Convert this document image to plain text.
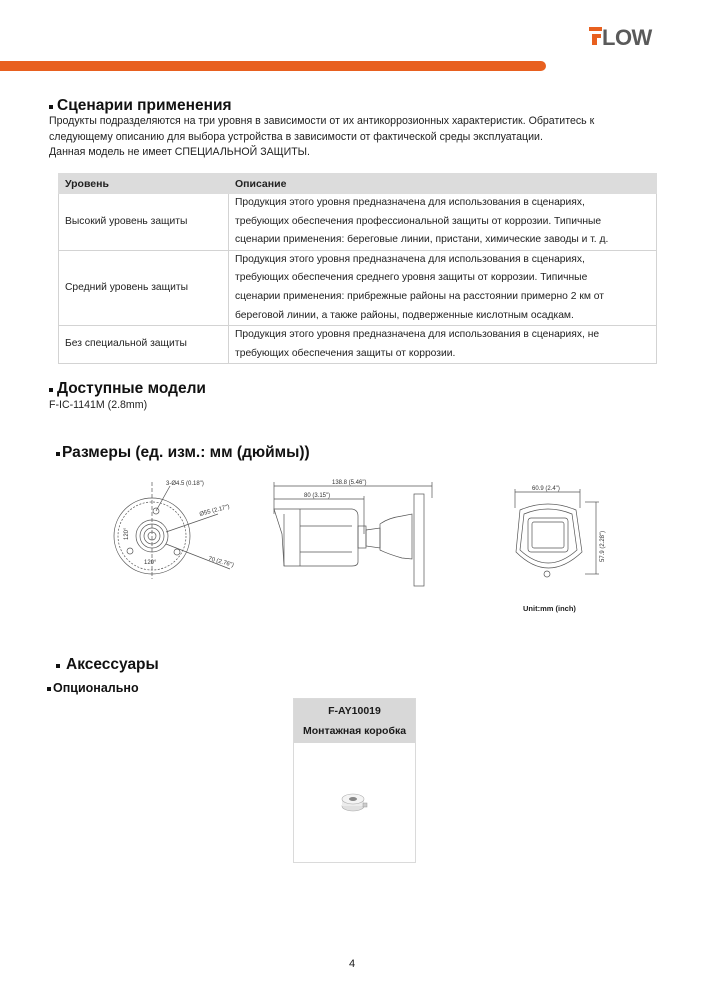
LOW
Сценарии применения
Продукты подразделяются на три уровня в зависимости от их антикоррозионных характеристик. Обратитесь к
следующему описанию для выбора устройства в зависимости от фактической среды эксплуатации.
Данная модель не имеет СПЕЦИАЛЬНОЙ ЗАЩИТЫ.
Уровень	Описание
Высокий уровень защиты	Продукция этого уровня предназначена для использования в сценариях,
требующих обеспечения профессиональной защиты от коррозии. Типичные
сценарии применения: береговые линии, пристани, химические заводы и т. д.

Средний уровень защиты	Продукция этого уровня предназначена для использования в сценариях,
требующих обеспечения среднего уровня защиты от коррозии. Типичные
сценарии применения: прибрежные районы на расстоянии примерно 2 км от
береговой линии, а также районы, подверженные кислотным осадкам.

Без специальной защиты	Продукция этого уровня предназначена для использования в сценариях, не
требующих обеспечения защиты от коррозии.
Доступные модели
F-IC-1141M (2.8mm)
Размеры (ед. изм.: мм (дюймы))
3-Ø4.5 (0.18")
Ø55 (2.17")
70 (2.76")
120°
120°
138.8 (5.46")
80 (3.15")
60.9 (2.4")
57.9 (2.28")
Unit:mm (inch)
Аксессуары
Опционально
F-AY10019
Монтажная коробка
4
